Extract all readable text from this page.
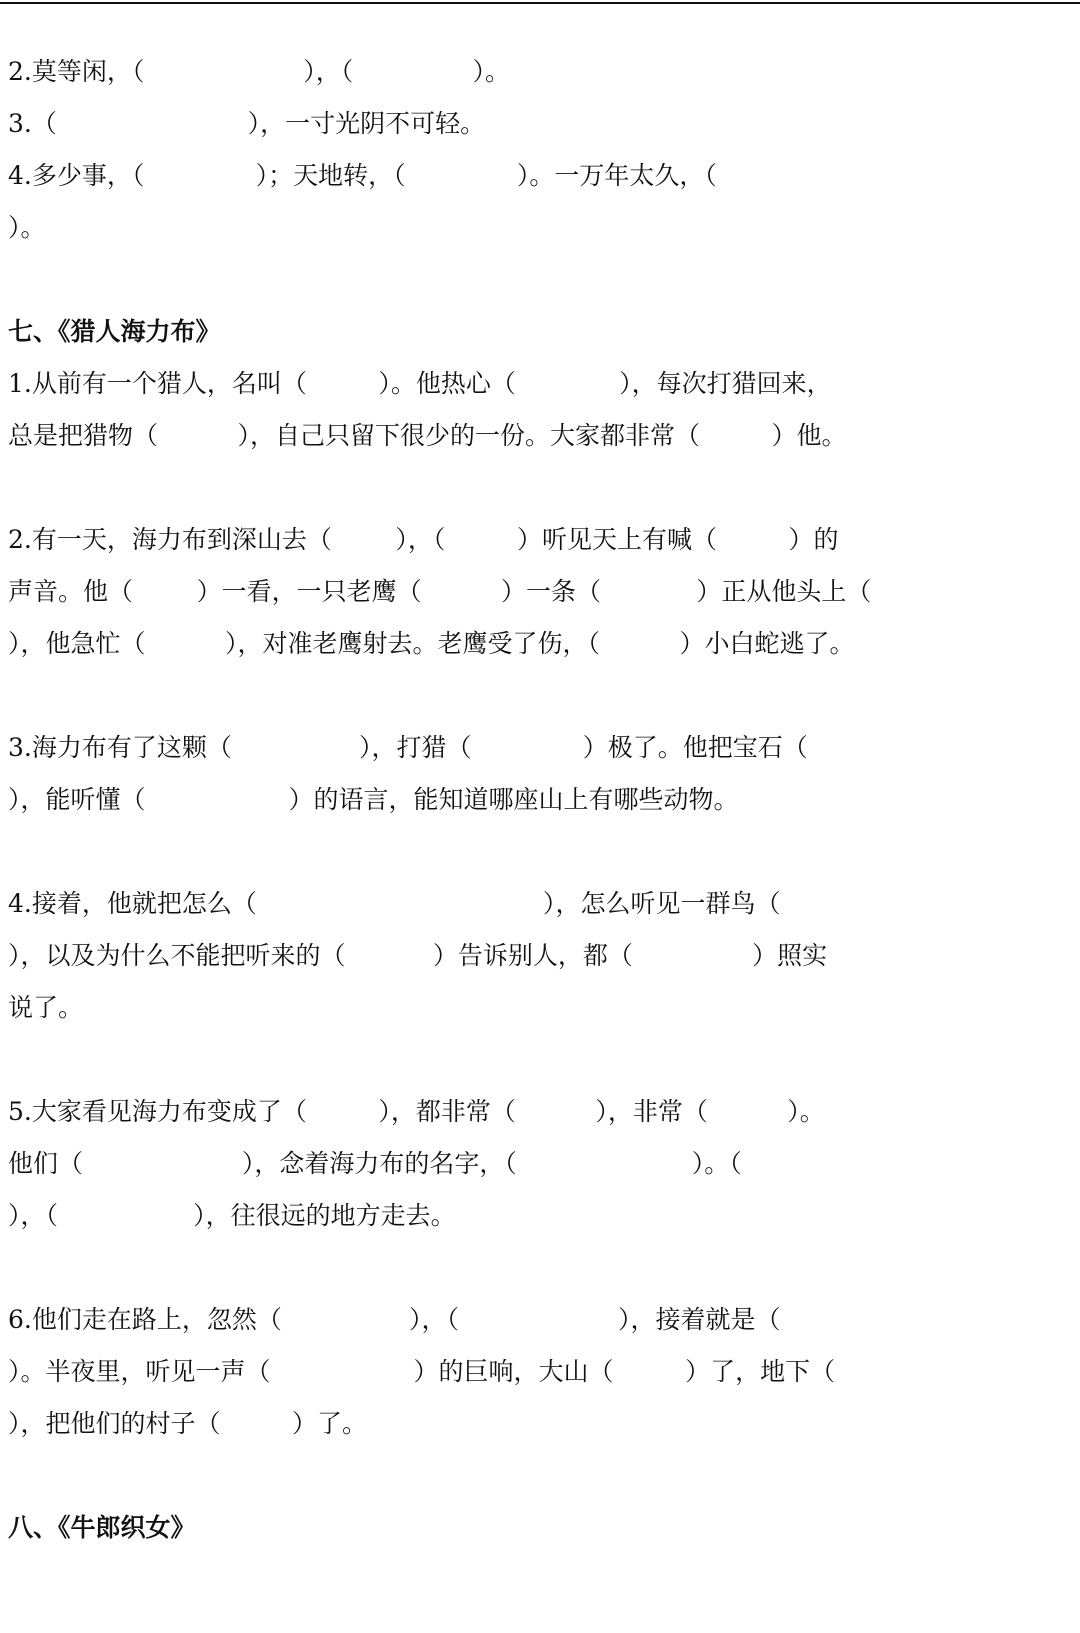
2.莫等闲，（                    ），（               ）。
3.（                        ），一寸光阴不可轻。
4.多少事，（              ）；天地转，（              ）。一万年太久，（
）。
七、《猎人海力布》
1.从前有一个猎人，名叫（         ）。他热心（             ），每次打猎回来，
总是把猎物（          ），自己只留下很少的一份。大家都非常（         ）他。
2.有一天，海力布到深山去（        ），（         ）听见天上有喊（         ）的
声音。他（        ）一看，一只老鹰（          ）一条（            ）正从他头上（
），他急忙（          ），对准老鹰射去。老鹰受了伤，（          ）小白蛇逃了。
3.海力布有了这颗（                ），打猎（              ）极了。他把宝石（
），能听懂（                  ）的语言，能知道哪座山上有哪些动物。
4.接着，他就把怎么（                                    ），怎么听见一群鸟（
），以及为什么不能把听来的（           ）告诉别人，都（               ）照实
说了。
5.大家看见海力布变成了（         ），都非常（          ），非常（          ）。
他们（                    ），念着海力布的名字，（                      ）。（
），（                 ），往很远的地方走去。
6.他们走在路上，忽然（                ），（                    ），接着就是（
）。半夜里，听见一声（                  ）的巨响，大山（         ）了，地下（
），把他们的村子（         ）了。
八、《牛郎织女》
